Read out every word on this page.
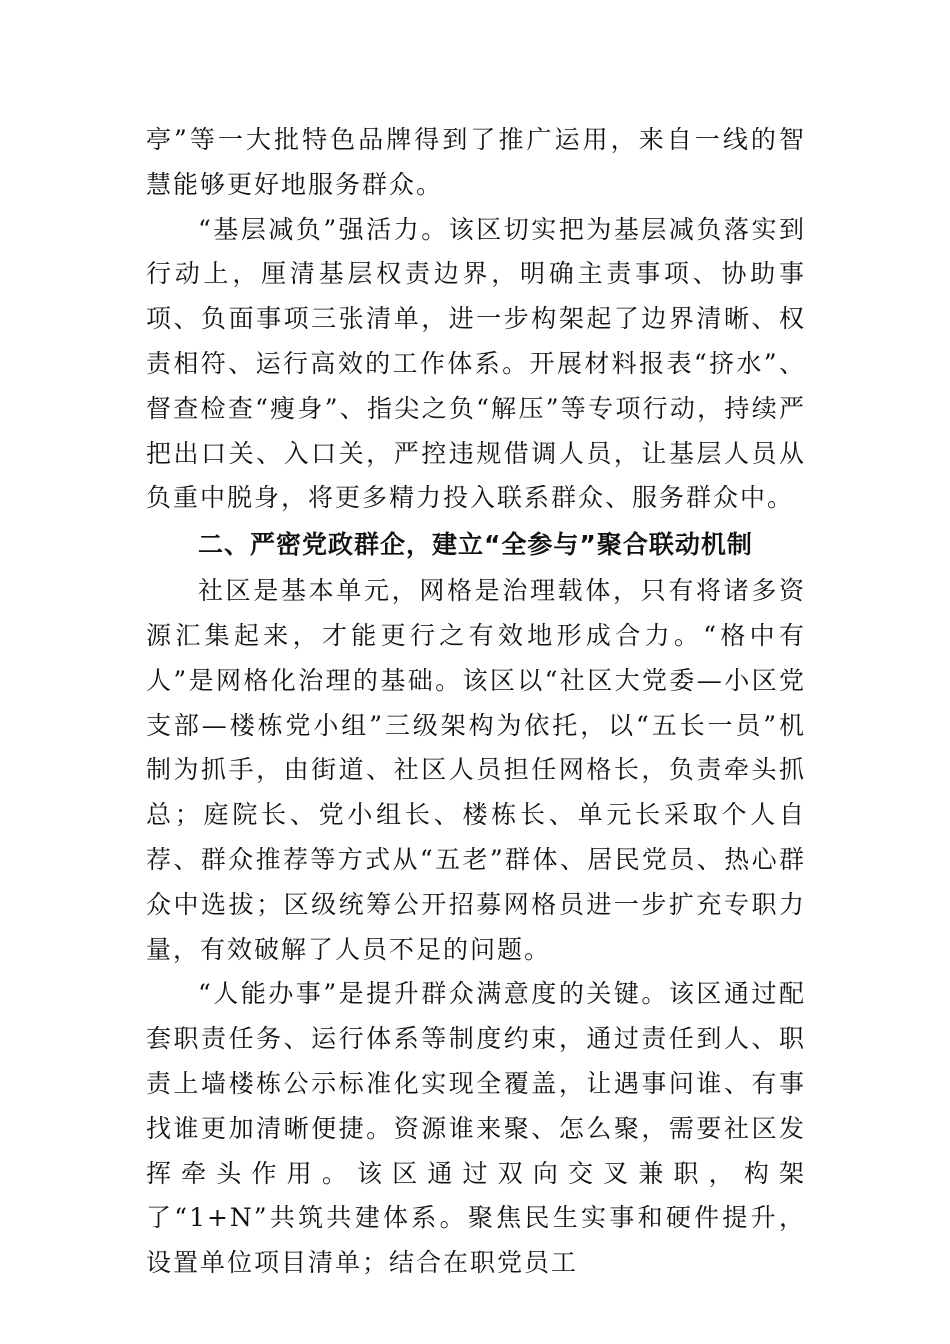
亭”等一大批特色品牌得到了推广运用，来自一线的智慧能够更好地服务群众。

“基层减负”强活力。该区切实把为基层减负落实到行动上，厘清基层权责边界，明确主责事项、协助事项、负面事项三张清单，进一步构架起了边界清晰、权责相符、运行高效的工作体系。开展材料报表“挤水”、督查检查“瘦身”、指尖之负“解压”等专项行动，持续严把出口关、入口关，严控违规借调人员，让基层人员从负重中脱身，将更多精力投入联系群众、服务群众中。

二、严密党政群企，建立“全参与”聚合联动机制

社区是基本单元，网格是治理载体，只有将诸多资源汇集起来，才能更行之有效地形成合力。“格中有人”是网格化治理的基础。该区以“社区大党委—小区党支部—楼栋党小组”三级架构为依托，以“五长一员”机制为抓手，由街道、社区人员担任网格长，负责牵头抓总；庭院长、党小组长、楼栋长、单元长采取个人自荐、群众推荐等方式从“五老”群体、居民党员、热心群众中选拔；区级统筹公开招募网格员进一步扩充专职力量，有效破解了人员不足的问题。

“人能办事”是提升群众满意度的关键。该区通过配套职责任务、运行体系等制度约束，通过责任到人、职责上墙楼栋公示标准化实现全覆盖，让遇事问谁、有事找谁更加清晰便捷。资源谁来聚、怎么聚，需要社区发挥牵头作用。该区通过双向交叉兼职，构架了“1+N”共筑共建体系。聚焦民生实事和硬件提升，设置单位项目清单；结合在职党员工
